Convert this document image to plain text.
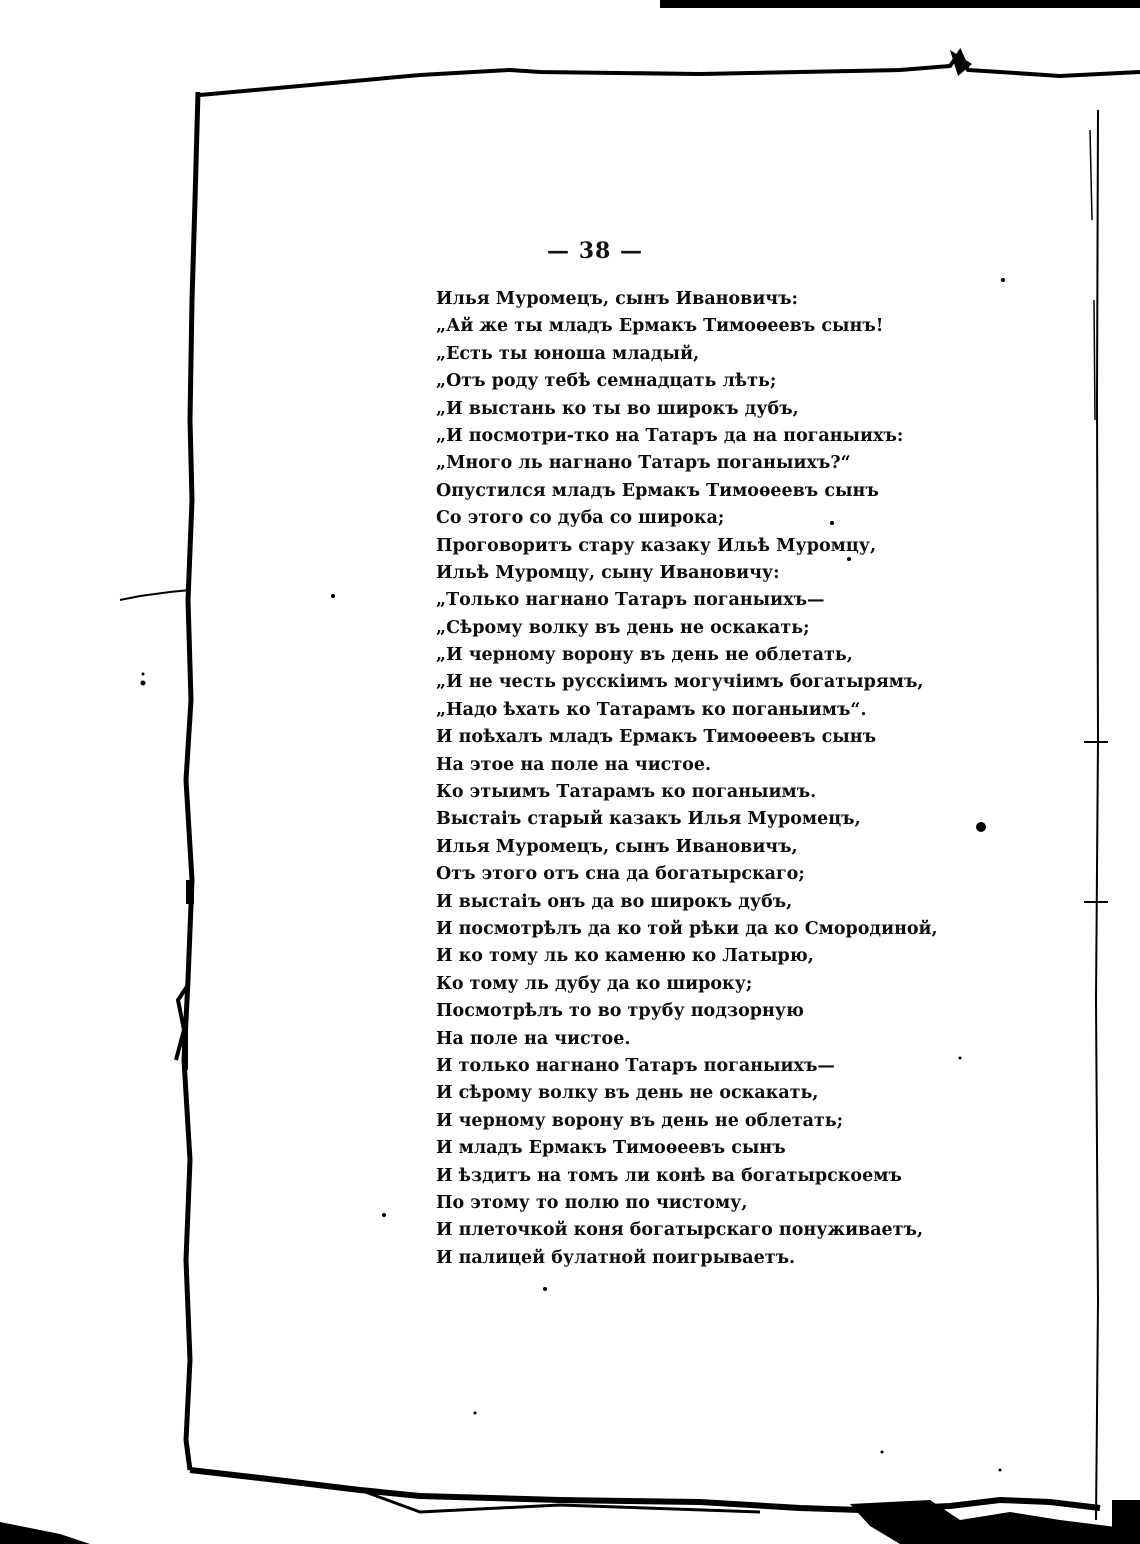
— 38 —
Илья Муромецъ, сынъ Ивановичъ:
„Ай же ты младъ Ермакъ Тимоѳеевъ сынъ!
„Есть ты юноша младый,
„Отъ роду тебѣ семнадцать лѣть;
„И выстань ко ты во широкъ дубъ,
„И посмотри-тко на Татаръ да на поганыихъ:
„Много ль нагнано Татаръ поганыихъ?“
Опустился младъ Ермакъ Тимоѳеевъ сынъ
Со этого со дуба со широка;
Проговоритъ стару казаку Ильѣ Муромцу,
Ильѣ Муромцу, сыну Ивановичу:
„Только нагнано Татаръ поганыихъ—
„Сѣрому волку въ день не оскакать;
„И черному ворону въ день не облетать,
„И не честь русскіимъ могучіимъ богатырямъ,
„Надо ѣхать ко Татарамъ ко поганыимъ“.
И поѣхалъ младъ Ермакъ Тимоѳеевъ сынъ
На этое на поле на чистое.
Ко этыимъ Татарамъ ко поганыимъ.
Выстаіъ старый казакъ Илья Муромецъ,
Илья Муромецъ, сынъ Ивановичъ,
Отъ этого отъ сна да богатырскаго;
И выстаіъ онъ да во широкъ дубъ,
И посмотрѣлъ да ко той рѣки да ко Смородиной,
И ко тому ль ко каменю ко Латырю,
Ко тому ль дубу да ко широку;
Посмотрѣлъ то во трубу подзорную
На поле на чистое.
И только нагнано Татаръ поганыихъ—
И сѣрому волку въ день не оскакать,
И черному ворону въ день не облетать;
И младъ Ермакъ Тимоѳеевъ сынъ
И ѣздитъ на томъ ли конѣ ва богатырскоемъ
По этому то полю по чистому,
И плеточкой коня богатырскаго понуживаетъ,
И палицей булатной поигрываетъ.
